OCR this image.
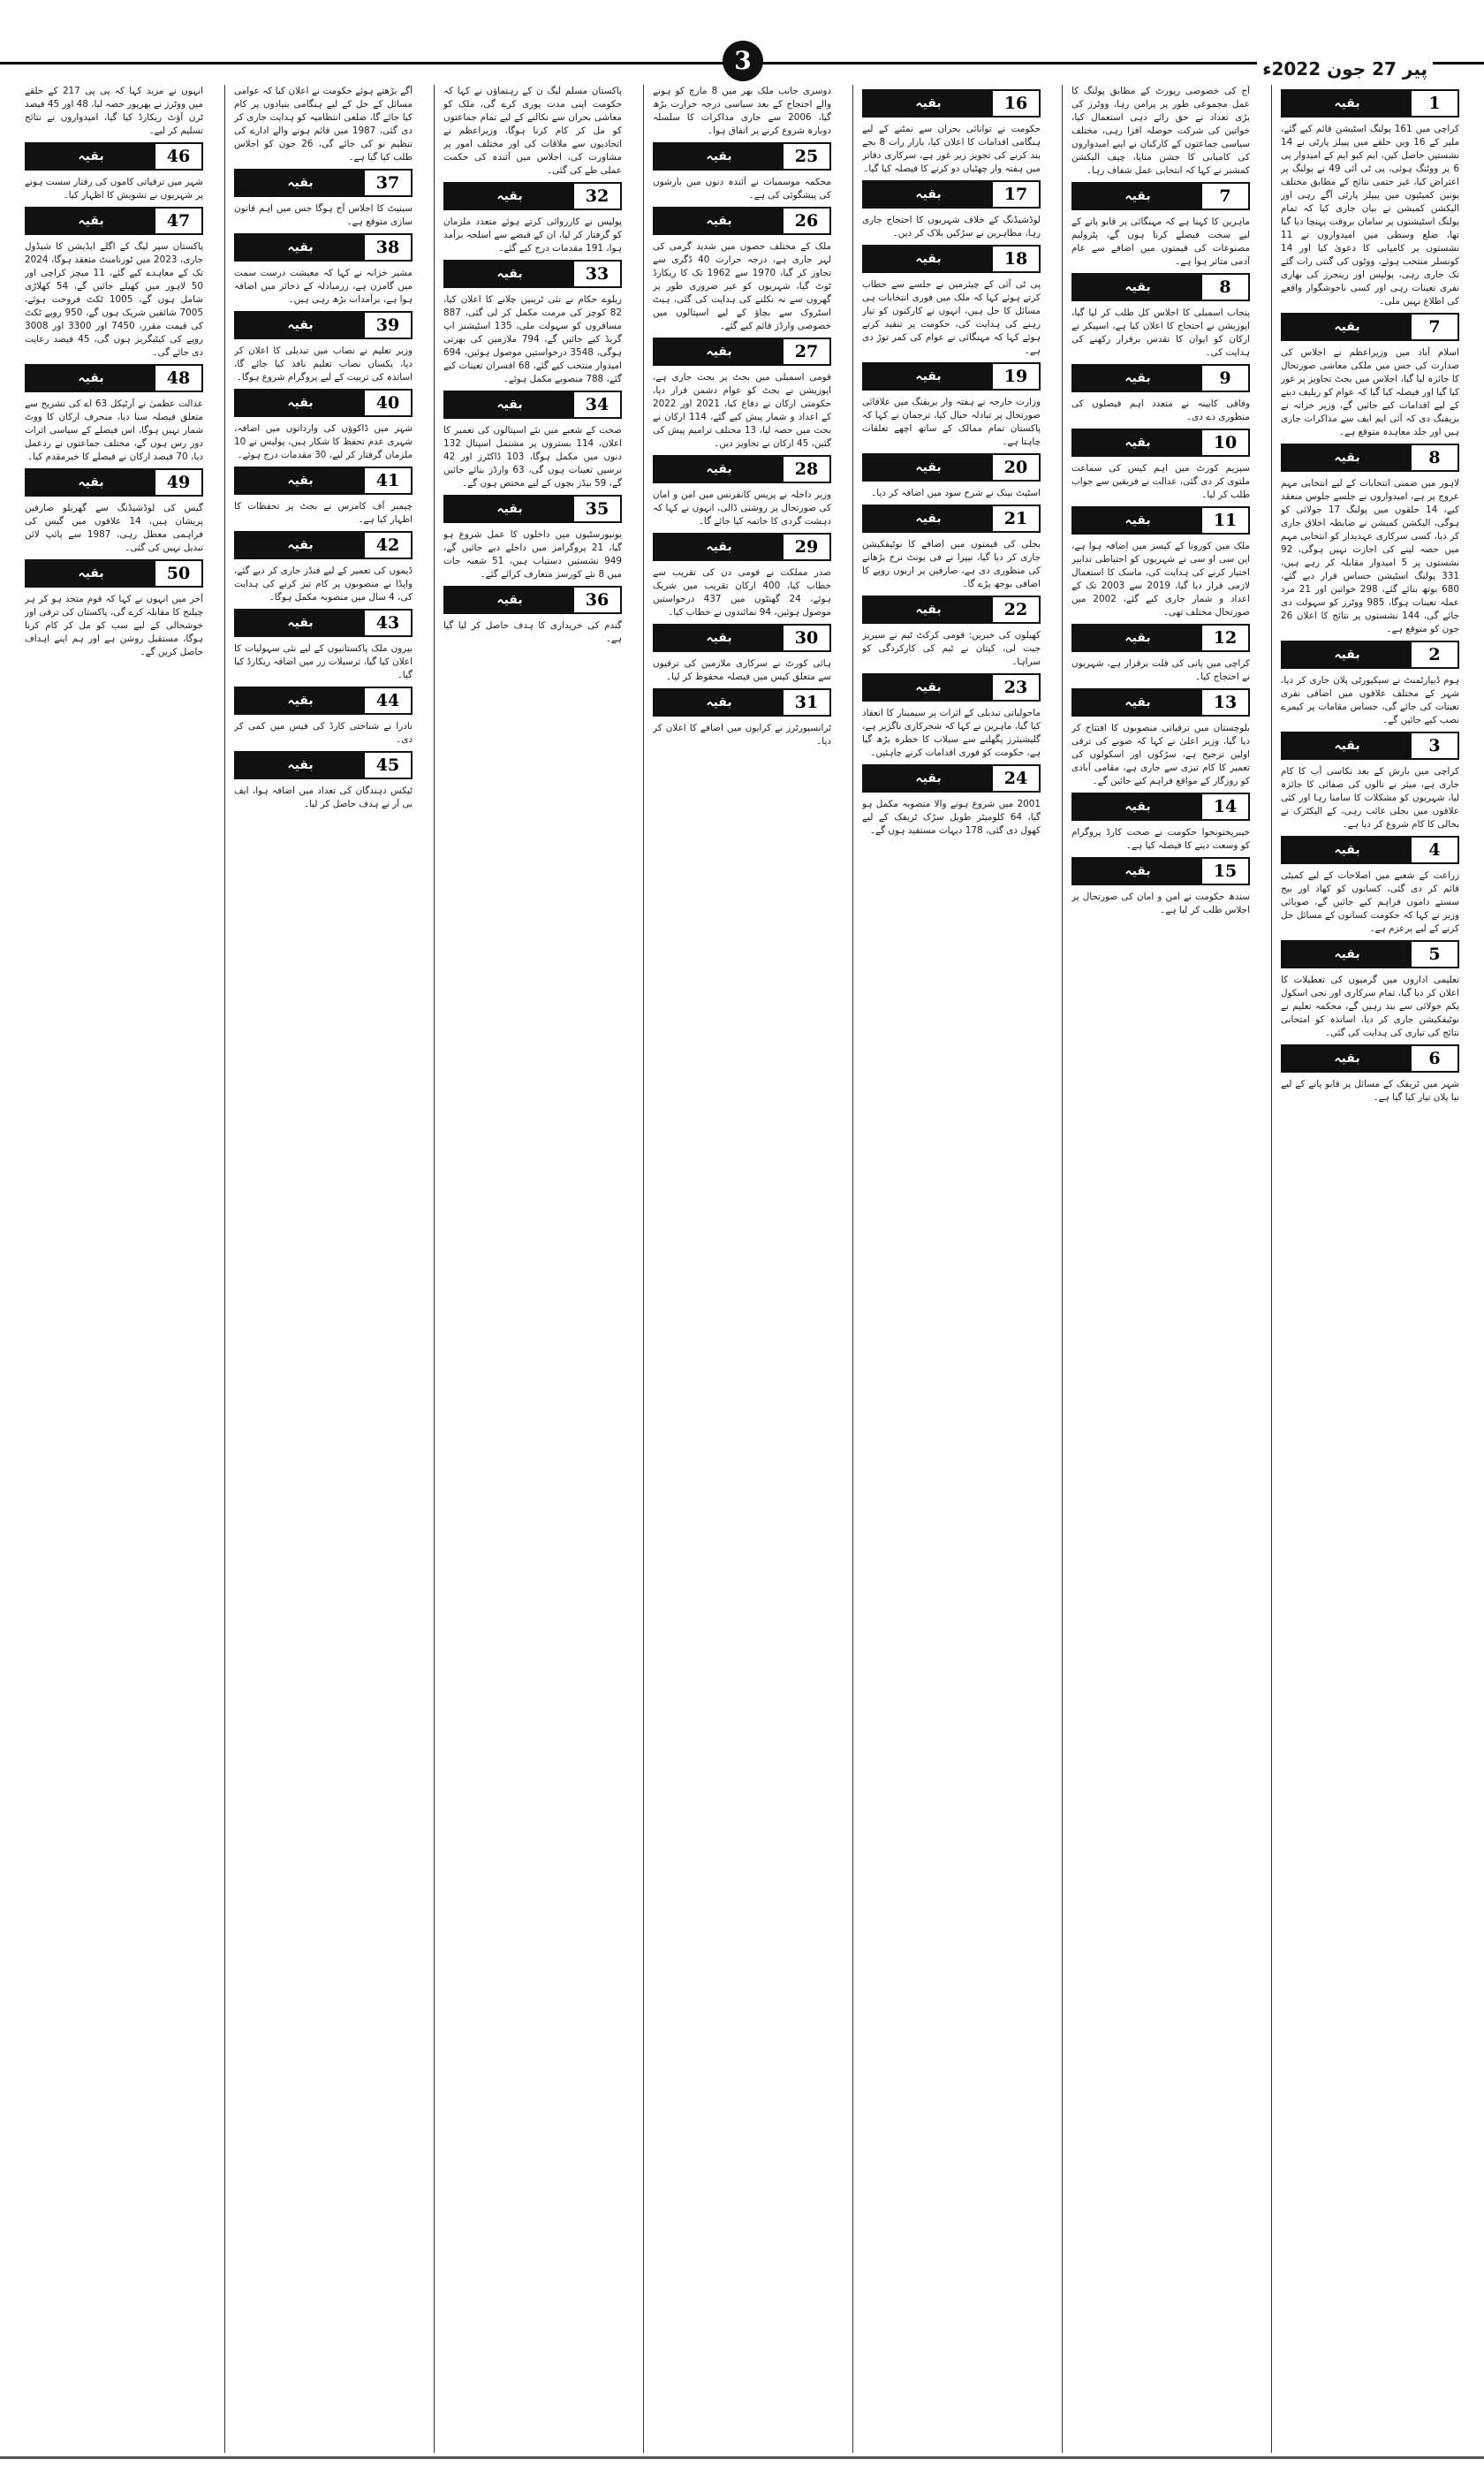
پیر 27 جون 2022ء
3
بقیہ	1

کراچی میں 161 پولنگ اسٹیشن قائم کیے گئے، ملیر کے 16 ویں حلقے میں پیپلز پارٹی نے 14 نشستیں حاصل کیں، ایم کیو ایم کے امیدوار پی 6 پر ووٹنگ ہوئی، پی ٹی آئی 49 نے پولنگ پر اعتراض کیا، غیر حتمی نتائج کے مطابق مختلف یونین کمیٹیوں میں پیپلز پارٹی آگے رہی اور الیکشن کمیشن نے بیان جاری کیا کہ تمام پولنگ اسٹیشنوں پر سامان بروقت پہنچا دیا گیا تھا، ضلع وسطی میں امیدواروں نے 11 نشستوں پر کامیابی کا دعویٰ کیا اور 14 کونسلر منتخب ہوئے، ووٹوں کی گنتی رات گئے تک جاری رہی، پولیس اور رینجرز کی بھاری نفری تعینات رہی اور کسی ناخوشگوار واقعے کی اطلاع نہیں ملی۔

بقیہ	7

اسلام آباد میں وزیراعظم نے اجلاس کی صدارت کی جس میں ملکی معاشی صورتحال کا جائزہ لیا گیا، اجلاس میں بجٹ تجاویز پر غور کیا گیا اور فیصلہ کیا گیا کہ عوام کو ریلیف دینے کے لیے اقدامات کیے جائیں گے، وزیر خزانہ نے بریفنگ دی کہ آئی ایم ایف سے مذاکرات جاری ہیں اور جلد معاہدہ متوقع ہے۔

بقیہ	8

لاہور میں ضمنی انتخابات کے لیے انتخابی مہم عروج پر ہے، امیدواروں نے جلسے جلوس منعقد کیے، 14 حلقوں میں پولنگ 17 جولائی کو ہوگی، الیکشن کمیشن نے ضابطہ اخلاق جاری کر دیا، کسی سرکاری عہدیدار کو انتخابی مہم میں حصہ لینے کی اجازت نہیں ہوگی، 92 نشستوں پر 5 امیدوار مقابلہ کر رہے ہیں، 331 پولنگ اسٹیشن حساس قرار دیے گئے، 680 بوتھ بنائے گئے، 298 خواتین اور 21 مرد عملہ تعینات ہوگا، 985 ووٹرز کو سہولت دی جائے گی، 144 نشستوں پر نتائج کا اعلان 26 جون کو متوقع ہے۔

بقیہ	2

ہوم ڈیپارٹمنٹ نے سیکیورٹی پلان جاری کر دیا، شہر کے مختلف علاقوں میں اضافی نفری تعینات کی جائے گی، حساس مقامات پر کیمرے نصب کیے جائیں گے۔

بقیہ	3

کراچی میں بارش کے بعد نکاسی آب کا کام جاری ہے، میئر نے نالوں کی صفائی کا جائزہ لیا، شہریوں کو مشکلات کا سامنا رہا اور کئی علاقوں میں بجلی غائب رہی، کے الیکٹرک نے بحالی کا کام شروع کر دیا ہے۔

بقیہ	4

زراعت کے شعبے میں اصلاحات کے لیے کمیٹی قائم کر دی گئی، کسانوں کو کھاد اور بیج سستے داموں فراہم کیے جائیں گے، صوبائی وزیر نے کہا کہ حکومت کسانوں کے مسائل حل کرنے کے لیے پرعزم ہے۔

بقیہ	5

تعلیمی اداروں میں گرمیوں کی تعطیلات کا اعلان کر دیا گیا، تمام سرکاری اور نجی اسکول یکم جولائی سے بند رہیں گے، محکمہ تعلیم نے نوٹیفکیشن جاری کر دیا، اساتذہ کو امتحانی نتائج کی تیاری کی ہدایت کی گئی۔

بقیہ	6

شہر میں ٹریفک کے مسائل پر قابو پانے کے لیے نیا پلان تیار کیا گیا ہے۔

آج کی خصوصی رپورٹ کے مطابق پولنگ کا عمل مجموعی طور پر پرامن رہا، ووٹرز کی بڑی تعداد نے حق رائے دہی استعمال کیا، خواتین کی شرکت حوصلہ افزا رہی، مختلف سیاسی جماعتوں کے کارکنان نے اپنے امیدواروں کی کامیابی کا جشن منایا، چیف الیکشن کمشنر نے کہا کہ انتخابی عمل شفاف رہا۔

بقیہ	7

ماہرین کا کہنا ہے کہ مہنگائی پر قابو پانے کے لیے سخت فیصلے کرنا ہوں گے، پٹرولیم مصنوعات کی قیمتوں میں اضافے سے عام آدمی متاثر ہوا ہے۔

بقیہ	8

پنجاب اسمبلی کا اجلاس کل طلب کر لیا گیا، اپوزیشن نے احتجاج کا اعلان کیا ہے، اسپیکر نے ارکان کو ایوان کا تقدس برقرار رکھنے کی ہدایت کی۔

بقیہ	9

وفاقی کابینہ نے متعدد اہم فیصلوں کی منظوری دے دی۔

بقیہ	10

سپریم کورٹ میں اہم کیس کی سماعت ملتوی کر دی گئی، عدالت نے فریقین سے جواب طلب کر لیا۔

بقیہ	11

ملک میں کورونا کے کیسز میں اضافہ ہوا ہے، این سی او سی نے شہریوں کو احتیاطی تدابیر اختیار کرنے کی ہدایت کی، ماسک کا استعمال لازمی قرار دیا گیا، 2019 سے 2003 تک کے اعداد و شمار جاری کیے گئے، 2002 میں صورتحال مختلف تھی۔

بقیہ	12

کراچی میں پانی کی قلت برقرار ہے، شہریوں نے احتجاج کیا۔

بقیہ	13

بلوچستان میں ترقیاتی منصوبوں کا افتتاح کر دیا گیا، وزیر اعلیٰ نے کہا کہ صوبے کی ترقی اولین ترجیح ہے، سڑکوں اور اسکولوں کی تعمیر کا کام تیزی سے جاری ہے، مقامی آبادی کو روزگار کے مواقع فراہم کیے جائیں گے۔

بقیہ	14

خیبرپختونخوا حکومت نے صحت کارڈ پروگرام کو وسعت دینے کا فیصلہ کیا ہے۔

بقیہ	15

سندھ حکومت نے امن و امان کی صورتحال پر اجلاس طلب کر لیا ہے۔

بقیہ	16

حکومت نے توانائی بحران سے نمٹنے کے لیے ہنگامی اقدامات کا اعلان کیا، بازار رات 8 بجے بند کرنے کی تجویز زیر غور ہے، سرکاری دفاتر میں ہفتہ وار چھٹیاں دو کرنے کا فیصلہ کیا گیا۔

بقیہ	17

لوڈشیڈنگ کے خلاف شہریوں کا احتجاج جاری رہا، مظاہرین نے سڑکیں بلاک کر دیں۔

بقیہ	18

پی ٹی آئی کے چیئرمین نے جلسے سے خطاب کرتے ہوئے کہا کہ ملک میں فوری انتخابات ہی مسائل کا حل ہیں، انہوں نے کارکنوں کو تیار رہنے کی ہدایت کی، حکومت پر تنقید کرتے ہوئے کہا کہ مہنگائی نے عوام کی کمر توڑ دی ہے۔

بقیہ	19

وزارت خارجہ نے ہفتہ وار بریفنگ میں علاقائی صورتحال پر تبادلہ خیال کیا، ترجمان نے کہا کہ پاکستان تمام ممالک کے ساتھ اچھے تعلقات چاہتا ہے۔

بقیہ	20

اسٹیٹ بینک نے شرح سود میں اضافہ کر دیا۔

بقیہ	21

بجلی کی قیمتوں میں اضافے کا نوٹیفکیشن جاری کر دیا گیا، نیپرا نے فی یونٹ نرخ بڑھانے کی منظوری دی ہے، صارفین پر اربوں روپے کا اضافی بوجھ پڑے گا۔

بقیہ	22

کھیلوں کی خبریں: قومی کرکٹ ٹیم نے سیریز جیت لی، کپتان نے ٹیم کی کارکردگی کو سراہا۔

بقیہ	23

ماحولیاتی تبدیلی کے اثرات پر سیمینار کا انعقاد کیا گیا، ماہرین نے کہا کہ شجرکاری ناگزیر ہے، گلیشیئرز پگھلنے سے سیلاب کا خطرہ بڑھ گیا ہے، حکومت کو فوری اقدامات کرنے چاہئیں۔

بقیہ	24

2001 میں شروع ہونے والا منصوبہ مکمل ہو گیا، 64 کلومیٹر طویل سڑک ٹریفک کے لیے کھول دی گئی، 178 دیہات مستفید ہوں گے۔

دوسری جانب ملک بھر میں 8 مارچ کو ہونے والے احتجاج کے بعد سیاسی درجہ حرارت بڑھ گیا، 2006 سے جاری مذاکرات کا سلسلہ دوبارہ شروع کرنے پر اتفاق ہوا۔

بقیہ	25

محکمہ موسمیات نے آئندہ دنوں میں بارشوں کی پیشگوئی کی ہے۔

بقیہ	26

ملک کے مختلف حصوں میں شدید گرمی کی لہر جاری ہے، درجہ حرارت 40 ڈگری سے تجاوز کر گیا، 1970 سے 1962 تک کا ریکارڈ ٹوٹ گیا، شہریوں کو غیر ضروری طور پر گھروں سے نہ نکلنے کی ہدایت کی گئی، ہیٹ اسٹروک سے بچاؤ کے لیے اسپتالوں میں خصوصی وارڈز قائم کیے گئے۔

بقیہ	27

قومی اسمبلی میں بجٹ پر بحث جاری ہے، اپوزیشن نے بجٹ کو عوام دشمن قرار دیا، حکومتی ارکان نے دفاع کیا، 2021 اور 2022 کے اعداد و شمار پیش کیے گئے، 114 ارکان نے بحث میں حصہ لیا، 13 مختلف ترامیم پیش کی گئیں، 45 ارکان نے تجاویز دیں۔

بقیہ	28

وزیر داخلہ نے پریس کانفرنس میں امن و امان کی صورتحال پر روشنی ڈالی، انہوں نے کہا کہ دہشت گردی کا خاتمہ کیا جائے گا۔

بقیہ	29

صدر مملکت نے قومی دن کی تقریب سے خطاب کیا، 400 ارکان تقریب میں شریک ہوئے، 24 گھنٹوں میں 437 درخواستیں موصول ہوئیں، 94 نمائندوں نے خطاب کیا۔

بقیہ	30

ہائی کورٹ نے سرکاری ملازمین کی ترقیوں سے متعلق کیس میں فیصلہ محفوظ کر لیا۔

بقیہ	31

ٹرانسپورٹرز نے کرایوں میں اضافے کا اعلان کر دیا۔

پاکستان مسلم لیگ ن کے رہنماؤں نے کہا کہ حکومت اپنی مدت پوری کرے گی، ملک کو معاشی بحران سے نکالنے کے لیے تمام جماعتوں کو مل کر کام کرنا ہوگا، وزیراعظم نے اتحادیوں سے ملاقات کی اور مختلف امور پر مشاورت کی، اجلاس میں آئندہ کی حکمت عملی طے کی گئی۔

بقیہ	32

پولیس نے کارروائی کرتے ہوئے متعدد ملزمان کو گرفتار کر لیا، ان کے قبضے سے اسلحہ برآمد ہوا، 191 مقدمات درج کیے گئے۔

بقیہ	33

ریلوے حکام نے نئی ٹرینیں چلانے کا اعلان کیا، 82 کوچز کی مرمت مکمل کر لی گئی، 887 مسافروں کو سہولت ملی، 135 اسٹیشنز اپ گریڈ کیے جائیں گے، 794 ملازمین کی بھرتی ہوگی، 3548 درخواستیں موصول ہوئیں، 694 امیدوار منتخب کیے گئے، 68 افسران تعینات کیے گئے، 788 منصوبے مکمل ہوئے۔

بقیہ	34

صحت کے شعبے میں نئے اسپتالوں کی تعمیر کا اعلان، 114 بستروں پر مشتمل اسپتال 132 دنوں میں مکمل ہوگا، 103 ڈاکٹرز اور 42 نرسیں تعینات ہوں گی، 63 وارڈز بنائے جائیں گے، 59 بیڈز بچوں کے لیے مختص ہوں گے۔

بقیہ	35

یونیورسٹیوں میں داخلوں کا عمل شروع ہو گیا، 21 پروگرامز میں داخلے دیے جائیں گے، 949 نشستیں دستیاب ہیں، 51 شعبہ جات میں 8 نئے کورسز متعارف کرائے گئے۔

بقیہ	36

گندم کی خریداری کا ہدف حاصل کر لیا گیا ہے۔

آگے بڑھتے ہوئے حکومت نے اعلان کیا کہ عوامی مسائل کے حل کے لیے ہنگامی بنیادوں پر کام کیا جائے گا، ضلعی انتظامیہ کو ہدایت جاری کر دی گئی، 1987 میں قائم ہونے والے ادارے کی تنظیم نو کی جائے گی، 26 جون کو اجلاس طلب کیا گیا ہے۔

بقیہ	37

سینیٹ کا اجلاس آج ہوگا جس میں اہم قانون سازی متوقع ہے۔

بقیہ	38

مشیر خزانہ نے کہا کہ معیشت درست سمت میں گامزن ہے، زرمبادلہ کے ذخائر میں اضافہ ہوا ہے، برآمدات بڑھ رہی ہیں۔

بقیہ	39

وزیر تعلیم نے نصاب میں تبدیلی کا اعلان کر دیا، یکساں نصاب تعلیم نافذ کیا جائے گا، اساتذہ کی تربیت کے لیے پروگرام شروع ہوگا۔

بقیہ	40

شہر میں ڈاکوؤں کی وارداتوں میں اضافہ، شہری عدم تحفظ کا شکار ہیں، پولیس نے 10 ملزمان گرفتار کر لیے، 30 مقدمات درج ہوئے۔

بقیہ	41

چیمبر آف کامرس نے بجٹ پر تحفظات کا اظہار کیا ہے۔

بقیہ	42

ڈیموں کی تعمیر کے لیے فنڈز جاری کر دیے گئے، واپڈا نے منصوبوں پر کام تیز کرنے کی ہدایت کی، 4 سال میں منصوبہ مکمل ہوگا۔

بقیہ	43

بیرون ملک پاکستانیوں کے لیے نئی سہولیات کا اعلان کیا گیا، ترسیلات زر میں اضافہ ریکارڈ کیا گیا۔

بقیہ	44

نادرا نے شناختی کارڈ کی فیس میں کمی کر دی۔

بقیہ	45

ٹیکس دہندگان کی تعداد میں اضافہ ہوا، ایف بی آر نے ہدف حاصل کر لیا۔

انہوں نے مزید کہا کہ پی پی 217 کے حلقے میں ووٹرز نے بھرپور حصہ لیا، 48 اور 45 فیصد ٹرن آؤٹ ریکارڈ کیا گیا، امیدواروں نے نتائج تسلیم کر لیے۔

بقیہ	46

شہر میں ترقیاتی کاموں کی رفتار سست ہونے پر شہریوں نے تشویش کا اظہار کیا۔

بقیہ	47

پاکستان سپر لیگ کے اگلے ایڈیشن کا شیڈول جاری، 2023 میں ٹورنامنٹ منعقد ہوگا، 2024 تک کے معاہدے کیے گئے، 11 میچز کراچی اور 50 لاہور میں کھیلے جائیں گے، 54 کھلاڑی شامل ہوں گے، 1005 ٹکٹ فروخت ہوئے، 7005 شائقین شریک ہوں گے، 950 روپے ٹکٹ کی قیمت مقرر، 7450 اور 3300 اور 3008 روپے کی کیٹیگریز ہوں گی، 45 فیصد رعایت دی جائے گی۔

بقیہ	48

عدالت عظمیٰ نے آرٹیکل 63 اے کی تشریح سے متعلق فیصلہ سنا دیا، منحرف ارکان کا ووٹ شمار نہیں ہوگا، اس فیصلے کے سیاسی اثرات دور رس ہوں گے، مختلف جماعتوں نے ردعمل دیا، 70 فیصد ارکان نے فیصلے کا خیرمقدم کیا۔

بقیہ	49

گیس کی لوڈشیڈنگ سے گھریلو صارفین پریشان ہیں، 14 علاقوں میں گیس کی فراہمی معطل رہی، 1987 سے پائپ لائن تبدیل نہیں کی گئی۔

بقیہ	50

آخر میں انہوں نے کہا کہ قوم متحد ہو کر ہر چیلنج کا مقابلہ کرے گی، پاکستان کی ترقی اور خوشحالی کے لیے سب کو مل کر کام کرنا ہوگا، مستقبل روشن ہے اور ہم اپنے اہداف حاصل کریں گے۔
